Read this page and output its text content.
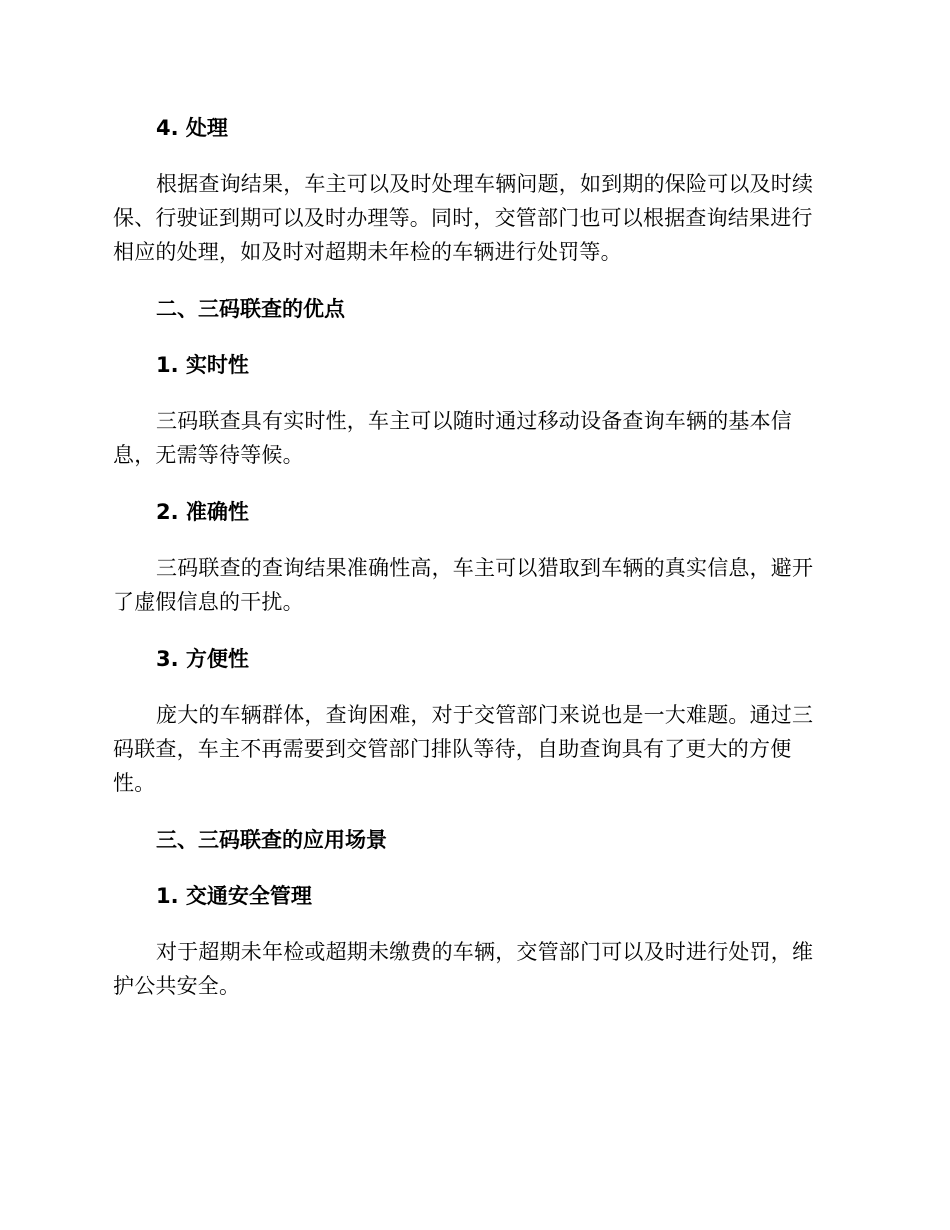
4. 处理
根据查询结果，车主可以及时处理车辆问题，如到期的保险可以及时续保、行驶证到期可以及时办理等。同时，交管部门也可以根据查询结果进行相应的处理，如及时对超期未年检的车辆进行处罚等。
二、三码联查的优点
1. 实时性
三码联查具有实时性，车主可以随时通过移动设备查询车辆的基本信息，无需等待等候。
2. 准确性
三码联查的查询结果准确性高，车主可以猎取到车辆的真实信息，避开了虚假信息的干扰。
3. 方便性
庞大的车辆群体，查询困难，对于交管部门来说也是一大难题。通过三码联查，车主不再需要到交管部门排队等待，自助查询具有了更大的方便性。
三、三码联查的应用场景
1. 交通安全管理
对于超期未年检或超期未缴费的车辆，交管部门可以及时进行处罚，维护公共安全。
